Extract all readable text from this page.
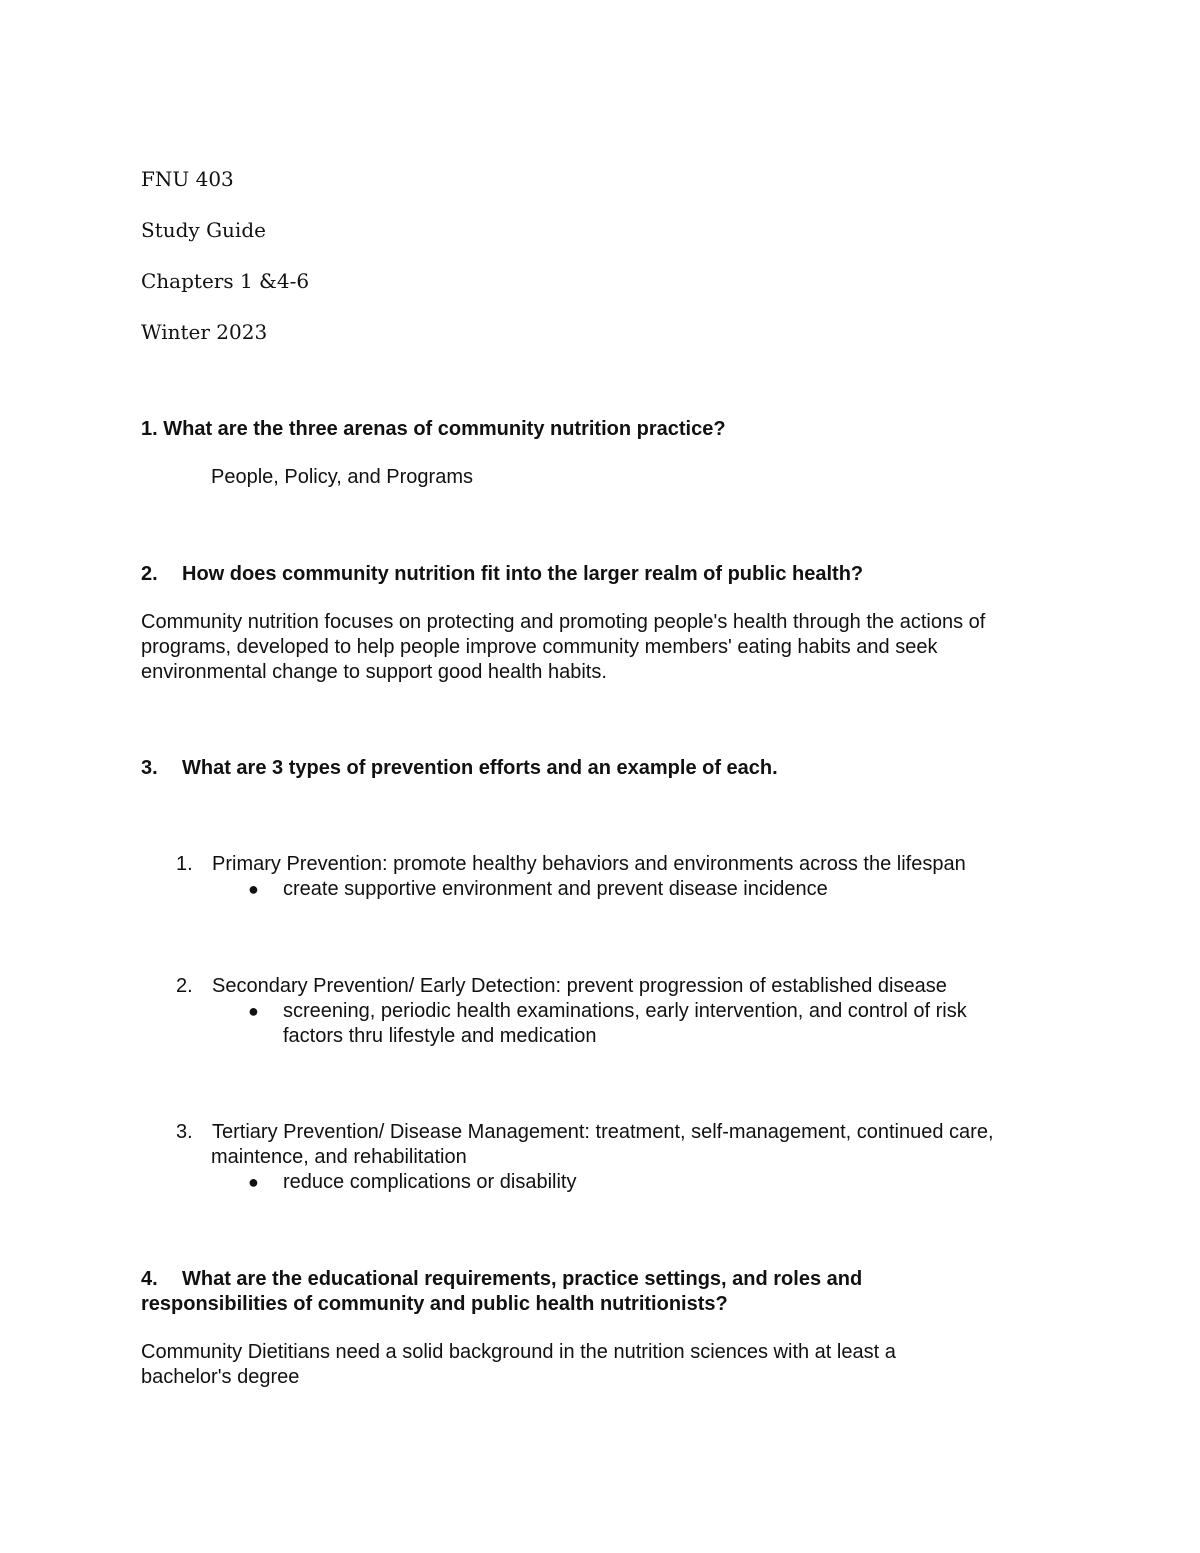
FNU 403
Study Guide
Chapters 1 &4-6
Winter 2023
1. What are the three arenas of community nutrition practice?
People, Policy, and Programs
2. How does community nutrition fit into the larger realm of public health?
Community nutrition focuses on protecting and promoting people's health through the actions of
programs, developed to help people improve community members' eating habits and seek
environmental change to support good health habits.
3. What are 3 types of prevention efforts and an example of each.
1. Primary Prevention: promote healthy behaviors and environments across the lifespan
● create supportive environment and prevent disease incidence
2. Secondary Prevention/ Early Detection: prevent progression of established disease
● screening, periodic health examinations, early intervention, and control of risk
factors thru lifestyle and medication
3. Tertiary Prevention/ Disease Management: treatment, self-management, continued care,
maintence, and rehabilitation
● reduce complications or disability
4. What are the educational requirements, practice settings, and roles and
responsibilities of community and public health nutritionists?
Community Dietitians need a solid background in the nutrition sciences with at least a
bachelor's degree
